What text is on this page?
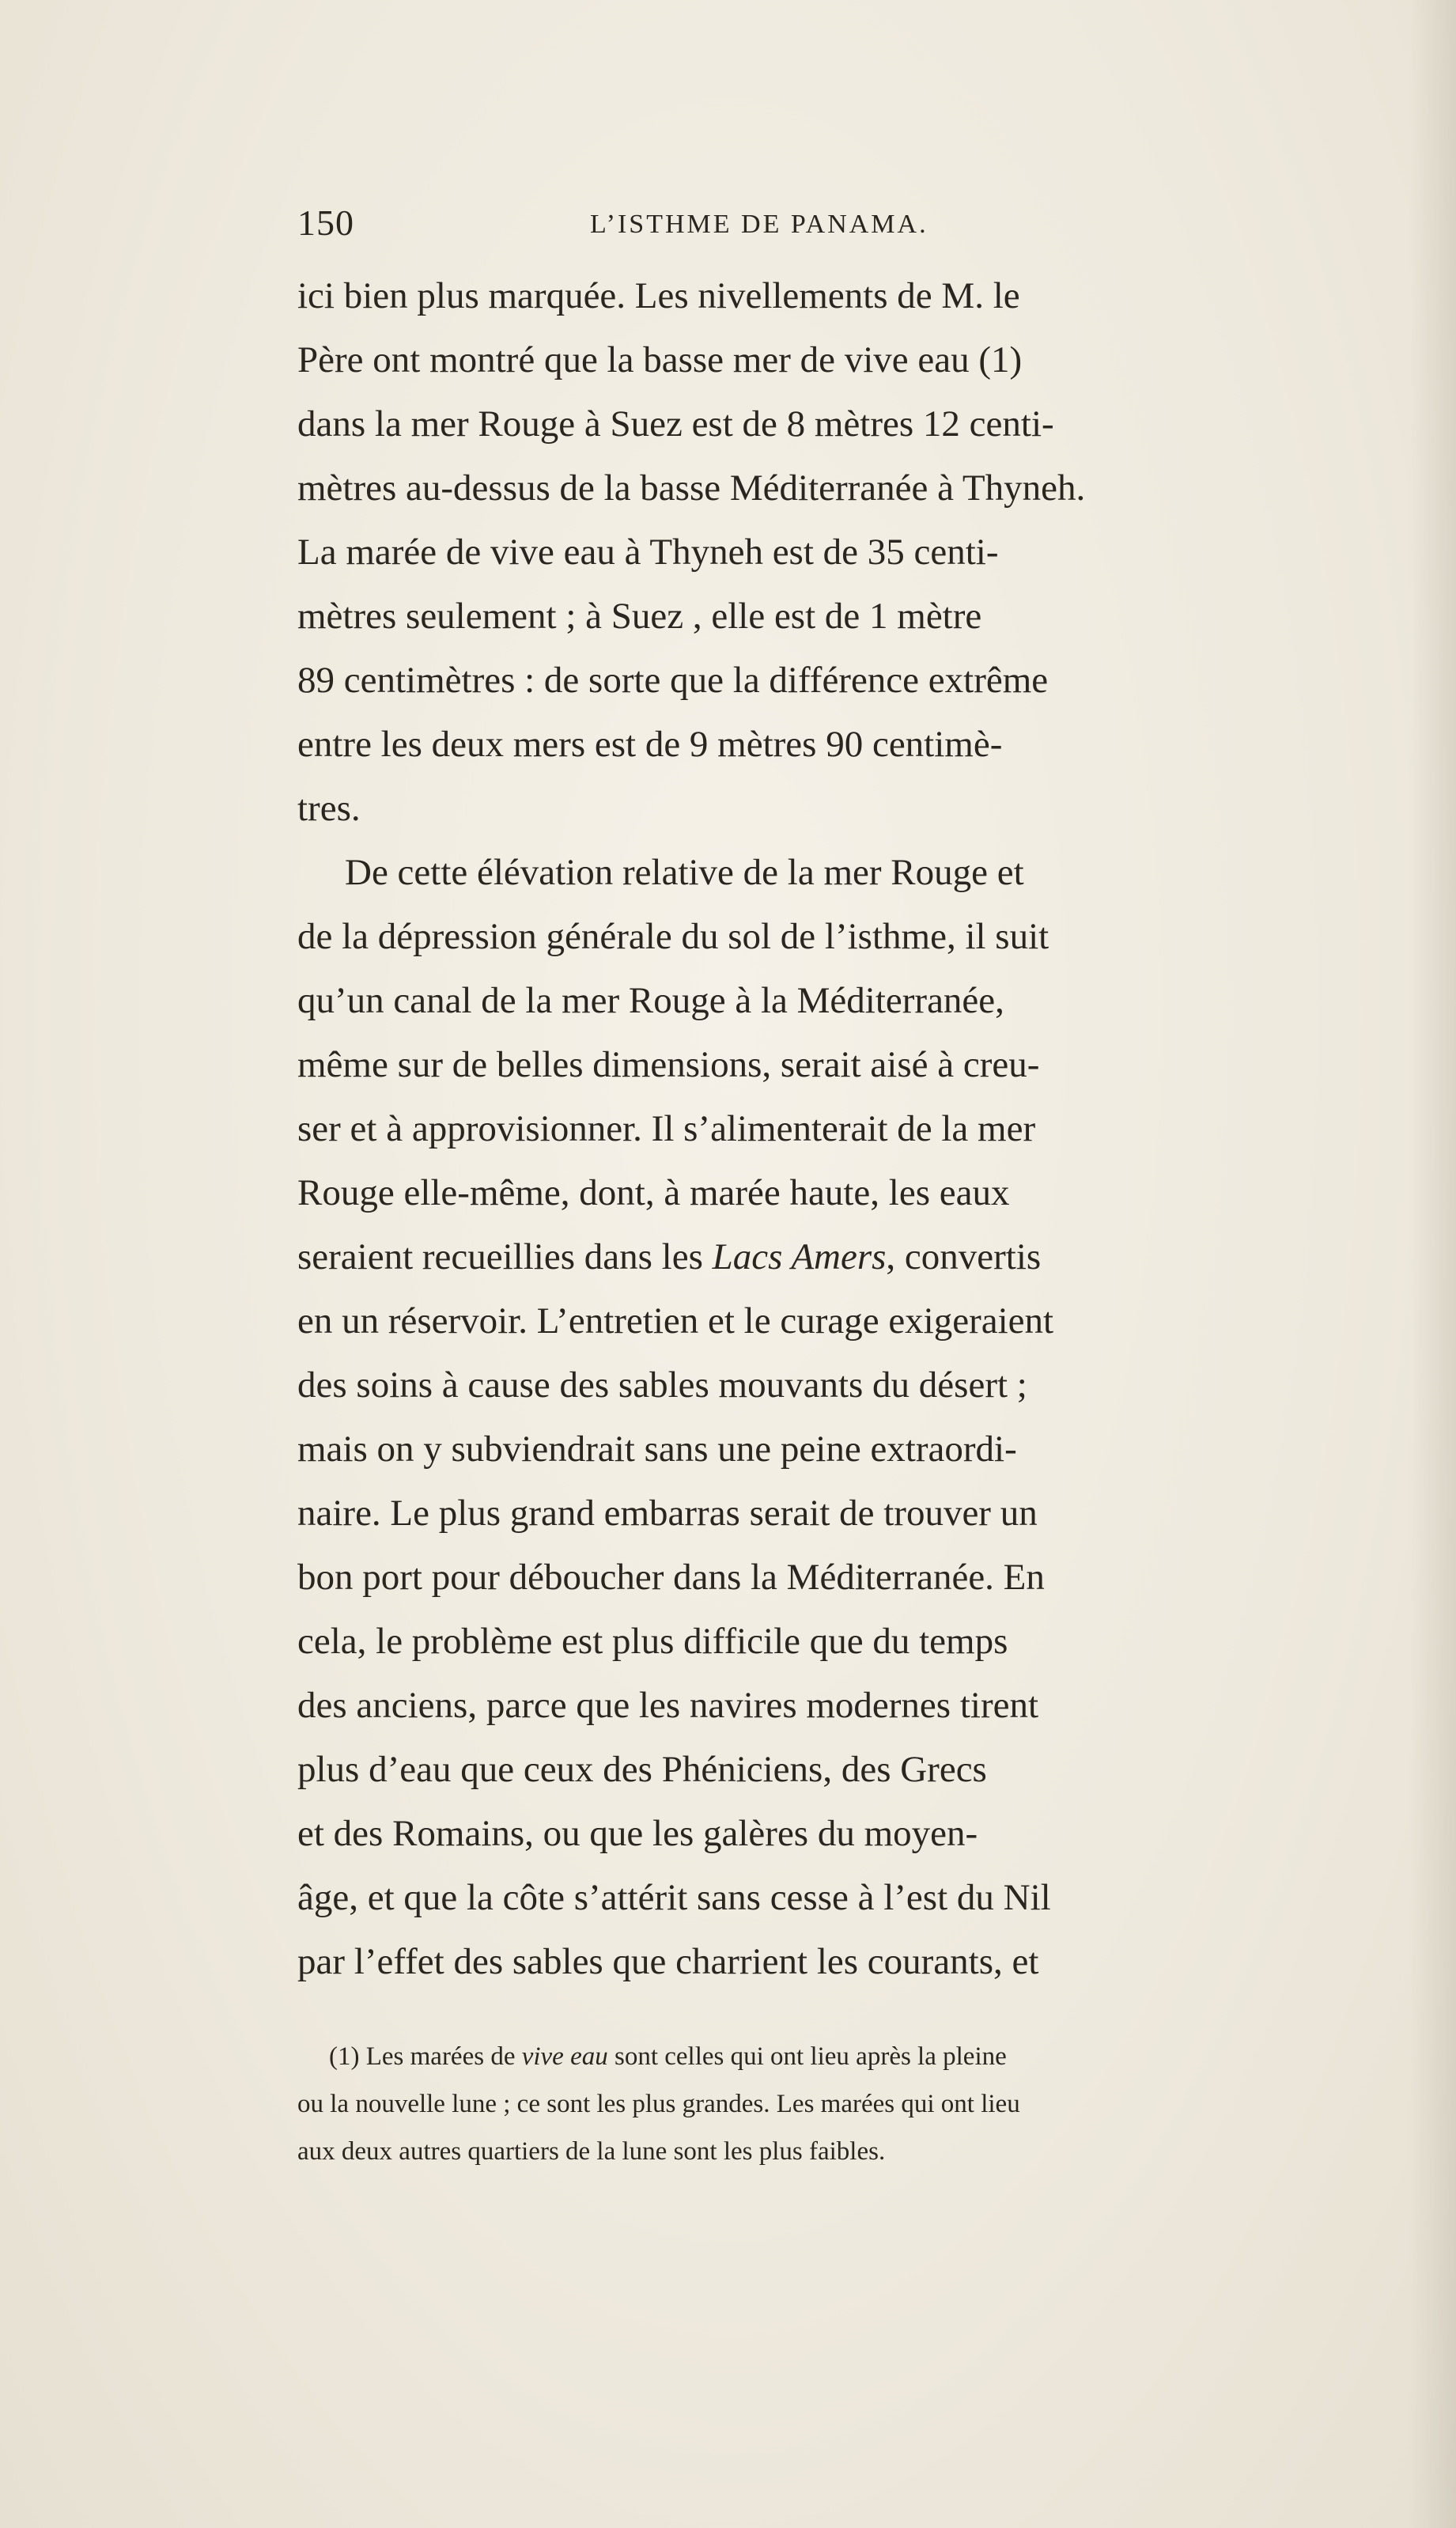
150	L’ISTHME DE PANAMA.
ici bien plus marquée. Les nivellements de M. le
Père ont montré que la basse mer de vive eau (1)
dans la mer Rouge à Suez est de 8 mètres 12 centi-
mètres au-dessus de la basse Méditerranée à Thyneh.
La marée de vive eau à Thyneh est de 35 centi-
mètres seulement ; à Suez , elle est de 1 mètre
89 centimètres : de sorte que la différence extrême
entre les deux mers est de 9 mètres 90 centimè-
tres.
De cette élévation relative de la mer Rouge et
de la dépression générale du sol de l’isthme, il suit
qu’un canal de la mer Rouge à la Méditerranée,
même sur de belles dimensions, serait aisé à creu-
ser et à approvisionner. Il s’alimenterait de la mer
Rouge elle-même, dont, à marée haute, les eaux
seraient recueillies dans les Lacs Amers, convertis
en un réservoir. L’entretien et le curage exigeraient
des soins à cause des sables mouvants du désert ;
mais on y subviendrait sans une peine extraordi-
naire. Le plus grand embarras serait de trouver un
bon port pour déboucher dans la Méditerranée. En
cela, le problème est plus difficile que du temps
des anciens, parce que les navires modernes tirent
plus d’eau que ceux des Phéniciens, des Grecs
et des Romains, ou que les galères du moyen-
âge, et que la côte s’attérit sans cesse à l’est du Nil
par l’effet des sables que charrient les courants, et
(1) Les marées de vive eau sont celles qui ont lieu après la pleine
ou la nouvelle lune ; ce sont les plus grandes. Les marées qui ont lieu
aux deux autres quartiers de la lune sont les plus faibles.
